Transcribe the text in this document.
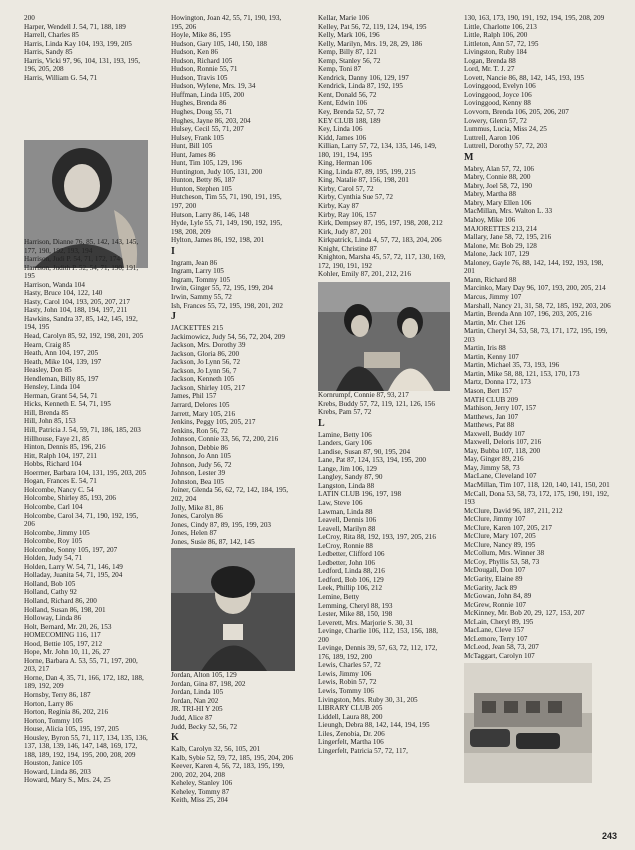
200
Harper, Wendell J. 54, 71, 188, 189
Harrell, Charles 85
Harris, Linda Kay 104, 193, 199, 205
Harris, Sandy 85
Harris, Vicki 97, 96, 104, 131, 193, 195, 196, 205, 208
Harris, William G. 54, 71
Harrison, Dianne 76, 85, 142, 143, 145, 177, 190, 192, 193, 194
Harrison, Judi P. 54, 71, 172, 174
Harrison, Judith P. 52, 54, 71, 190, 191, 195
Harrison, Wanda 104
Hasty, Bruce 104, 122, 140
Hasty, Carol 104, 193, 205, 207, 217
Hasty, John 104, 188, 194, 197, 211
Hawkins, Sandra 37, 85, 142, 145, 192, 194, 195
Head, Carolyn 85, 92, 192, 198, 201, 205
Hearn, Craig 85
Heath, Ann 104, 197, 205
Heath, Mike 104, 139, 197
Heasley, Don 85
Hendleman, Billy 85, 197
Hensley, Linda 104
Herman, Grant 54, 54, 71
Hicks, Kenneth E. 54, 71, 195
Hill, Brenda 85
Hill, John 85, 153
Hill, Patricia J. 54, 59, 71, 186, 185, 203
Hillhouse, Faye 21, 85
Hinton, Dennis 85, 196, 216
Hitt, Ralph 104, 197, 211
Hobbs, Richard 104
Hoerrner, Barbara 104, 131, 195, 203, 205
Hogan, Frances E. 54, 71
Holcombe, Nancy C. 54
Holcombe, Shirley 85, 193, 206
Holcombe, Carl 104
Holcombe, Carol 34, 71, 190, 192, 195, 206
Holcombe, Jimmy 105
Holcombe, Roy 105
Holcombe, Sonny 105, 197, 207
Holden, Judy 54, 71
Holden, Larry W. 54, 71, 146, 149
Holladay, Juanita 54, 71, 195, 204
Holland, Bob 105
Holland, Cathy 92
Holland, Richard 86, 200
Holland, Susan 86, 198, 201
Holloway, Linda 86
Holt, Bernard, Mr. 20, 26, 153
HOMECOMING 116, 117
Hood, Bettie 105, 197, 212
Hope, Mr. John 10, 11, 26, 27
Horne, Barbara A. 53, 55, 71, 197, 200, 203, 217
Horne, Dan 4, 35, 71, 166, 172, 182, 188, 189, 192, 209
Hornsby, Terry 86, 187
Horton, Larry 86
Horton, Reginia 86, 202, 216
Horton, Tommy 105
House, Alicia 105, 195, 197, 205
Housley, Byron 55, 71, 117, 134, 135, 136, 137, 138, 139, 146, 147, 148, 169, 172, 188, 189, 192, 194, 195, 200, 208, 209
Houston, Janice 105
Howard, Linda 86, 203
Howard, Mary S., Mrs. 24, 25
Howington, Joan 42, 55, 71, 190, 193, 195, 206
Hoyle, Mike 86, 195
Hudson, Gary 105, 140, 150, 188
Hudson, Ken 86
Hudson, Richard 105
Hudson, Ronnie 55, 71
Hudson, Travis 105
Hudson, Wylene, Mrs. 19, 34
Huffman, Linda 105, 200
Hughes, Brenda 86
Hughes, Doug 55, 71
Hughes, Jayne 86, 203, 204
Hulsey, Cecil 55, 71, 207
Hulsey, Frank 105
Hunt, Bill 105
Hunt, James 86
Hunt, Tim 105, 129, 196
Huntington, Judy 105, 131, 200
Hunton, Betty 86, 187
Hunton, Stephen 105
Hutcheson, Tim 55, 71, 190, 191, 195, 197, 200
Hutson, Larry 86, 146, 148
Hyde, Lyle 55, 71, 149, 190, 192, 195, 198, 208, 209
Hylton, James 86, 192, 198, 201
I
Ingram, Jean 86
Ingram, Larry 105
Ingram, Tommy 105
Irwin, Ginger 55, 72, 195, 199, 204
Irwin, Sammy 55, 72
Ish, Frances 55, 72, 195, 198, 201, 202
J
JACKETTES 215
Jackimowicz, Judy 54, 56, 72, 204, 209
Jackson, Mrs. Dorothy 39
Jackson, Gloria 86, 200
Jackson, Jo Lynn 56, 72
Jackson, Jo Lynn 56, 7
Jackson, Kenneth 105
Jackson, Shirley 105, 217
James, Phil 157
Jarrard, Delores 105
Jarrett, Mary 105, 216
Jenkins, Peggy 105, 205, 217
Jenkins, Ron 56, 72
Johnson, Connie 33, 56, 72, 200, 216
Johnson, Debbie 86
Johnson, Jo Ann 105
Johnson, Judy 56, 72
Johnson, Lester 39
Johnston, Bea 105
Joiner, Glenda 56, 62, 72, 142, 184, 195, 202, 204
Jolly, Mike 81, 86
Jones, Carolyn 86
Jones, Cindy 87, 89, 195, 199, 203
Jones, Helen 87
Jones, Susie 86, 87, 142, 145
Jordan, Alton 105, 129
Jordan, Gina 87, 198, 202
Jordan, Linda 105
Jordan, Nan 202
JR. TRI-HI Y 205
Judd, Alice 87
Judd, Becky 52, 56, 72
K
Kalb, Carolyn 32, 56, 105, 201
Kalb, Sybie 52, 59, 72, 185, 195, 204, 206
Keever, Karen 4, 56, 72, 183, 195, 199, 200, 202, 204, 208
Keheley, Stanley 106
Keheley, Tommy 87
Keith, Miss 25, 204
Kellar, Marie 106
Kelley, Pat 56, 72, 119, 124, 194, 195
Kelly, Mark 106, 196
Kelly, Marilyn, Mrs. 19, 28, 29, 186
Kemp, Billy 87, 121
Kemp, Stanley 56, 72
Kemp, Toni 87
Kendrick, Danny 106, 129, 197
Kendrick, Linda 87, 192, 195
Kent, Donald 56, 72
Kent, Edwin 106
Key, Brenda 52, 57, 72
KEY CLUB 188, 189
Key, Linda 106
Kidd, James 106
Killian, Larry 57, 72, 134, 135, 146, 149, 180, 191, 194, 195
King, Herman 106
King, Linda 87, 89, 195, 199, 215
King, Natalie 87, 156, 198, 201
Kirby, Carol 57, 72
Kirby, Cynthia Sue 57, 72
Kirby, Kay 87
Kirby, Ray 106, 157
Kirk, Dempsey 87, 195, 197, 198, 208, 212
Kirk, Judy 87, 201
Kirkpatrick, Linda 4, 57, 72, 183, 204, 206
Knight, Christine 87
Knighton, Marsha 45, 57, 72, 117, 130, 169, 172, 190, 191, 192
Kohler, Emily 87, 201, 212, 216
Kornrumpf, Connie 87, 93, 217
Krebs, Buddy 57, 72, 119, 121, 126, 156
Krebs, Pam 57, 72
L
Lamine, Betty 106
Landers, Gary 106
Landise, Susan 87, 90, 195, 204
Lane, Pat 87, 124, 153, 194, 195, 200
Lange, Jim 106, 129
Langley, Sandy 87, 90
Langston, Linda 88
LATIN CLUB 196, 197, 198
Law, Steve 106
Lawman, Linda 88
Leavell, Dennis 106
Leavell, Marilyn 88
LeCroy, Rita 88, 192, 193, 197, 205, 216
LeCroy, Ronnie 88
Ledbetter, Clifford 106
Ledbetter, John 106
Ledford, Linda 88, 216
Ledford, Bob 106, 129
Leek, Phillip 106, 212
Lemine, Betty
Lemming, Cheryl 88, 193
Lester, Mike 88, 150, 198
Leverett, Mrs. Marjorie S. 30, 31
Levinge, Charlie 106, 112, 153, 156, 188, 200
Levinge, Dennis 39, 57, 63, 72, 112, 172, 176, 189, 192, 200
Lewis, Charles 57, 72
Lewis, Jimmy 106
Lewis, Robin 57, 72
Lewis, Tommy 106
Livingston, Mrs. Ruby 30, 31, 205
LIBRARY CLUB 205
Liddell, Laura 88, 200
Lieungh, Debra 88, 142, 144, 194, 195
Liles, Zenobia, Dr. 206
Lingerfelt, Martha 106
Lingerfelt, Patricia 57, 72, 117,
130, 163, 173, 190, 191, 192, 194, 195, 208, 209
Little, Charlotte 106, 213
Little, Ralph 106, 200
Littleton, Ann 57, 72, 195
Livingston, Ruby 184
Logan, Brenda 88
Lord, Mr. T. J. 27
Lovett, Nancie 86, 88, 142, 145, 193, 195
Lovinggood, Evelyn 106
Lovinggood, Joyce 106
Lovinggood, Kenny 88
Lovvorn, Brenda 106, 205, 206, 207
Lowery, Glenn 57, 72
Lummus, Lucia, Miss 24, 25
Luttrell, Aaron 106
Luttrell, Dorothy 57, 72, 203
M
Mabry, Alan 57, 72, 106
Mabry, Connie 88, 200
Mabry, Joel 58, 72, 190
Mabry, Martha 88
Mabry, Mary Ellen 106
MacMillan, Mrs. Walton L. 33
Mahoy, Mike 106
MAJORETTES 213, 214
Mallary, Jane 58, 72, 195, 216
Malone, Mr. Bob 29, 128
Malone, Jack 107, 129
Maloney, Gayle 76, 88, 142, 144, 192, 193, 198, 201
Mann, Richard 88
Marcinko, Mary Day 96, 107, 193, 200, 205, 214
Marcus, Jimmy 107
Marshall, Nancy 21, 31, 58, 72, 185, 192, 203, 206
Martin, Brenda Ann 107, 196, 203, 205, 216
Martin, Mr. Chet 126
Martin, Cheryl 34, 53, 58, 73, 171, 172, 195, 199, 203
Martin, Iris 88
Martin, Kenny 107
Martin, Michael 35, 73, 193, 196
Martin, Mike 58, 88, 121, 153, 170, 173
Martz, Donna 172, 173
Mason, Bert 157
MATH CLUB 209
Mathison, Jerry 107, 157
Matthews, Jan 107
Matthews, Pat 88
Maxwell, Buddy 107
Maxwell, Deloris 107, 216
May, Bubba 107, 118, 200
May, Ginger 89, 216
May, Jimmy 58, 73
MacLane, Cleveland 107
MacMillan, Tim 107, 118, 120, 140, 141, 150, 201
McCall, Dona 53, 58, 73, 172, 175, 190, 191, 192, 193
McClure, David 96, 187, 211, 212
McClure, Jimmy 107
McClure, Karen 107, 205, 217
McClure, Mary 107, 205
McClure, Nancy 89, 195
McCollum, Mrs. Winner 38
McCoy, Phyllis 53, 58, 73
McDougall, Don 107
McGarity, Elaine 89
McGarity, Jack 89
McGowan, John 84, 89
McGrew, Ronnie 107
McKinney, Mr. Bob 20, 29, 127, 153, 207
McLain, Cheryl 89, 195
MacLane, Cleve 157
McLemore, Terry 107
McLeod, Jean 58, 73, 207
McTaggart, Carolyn 107
243
